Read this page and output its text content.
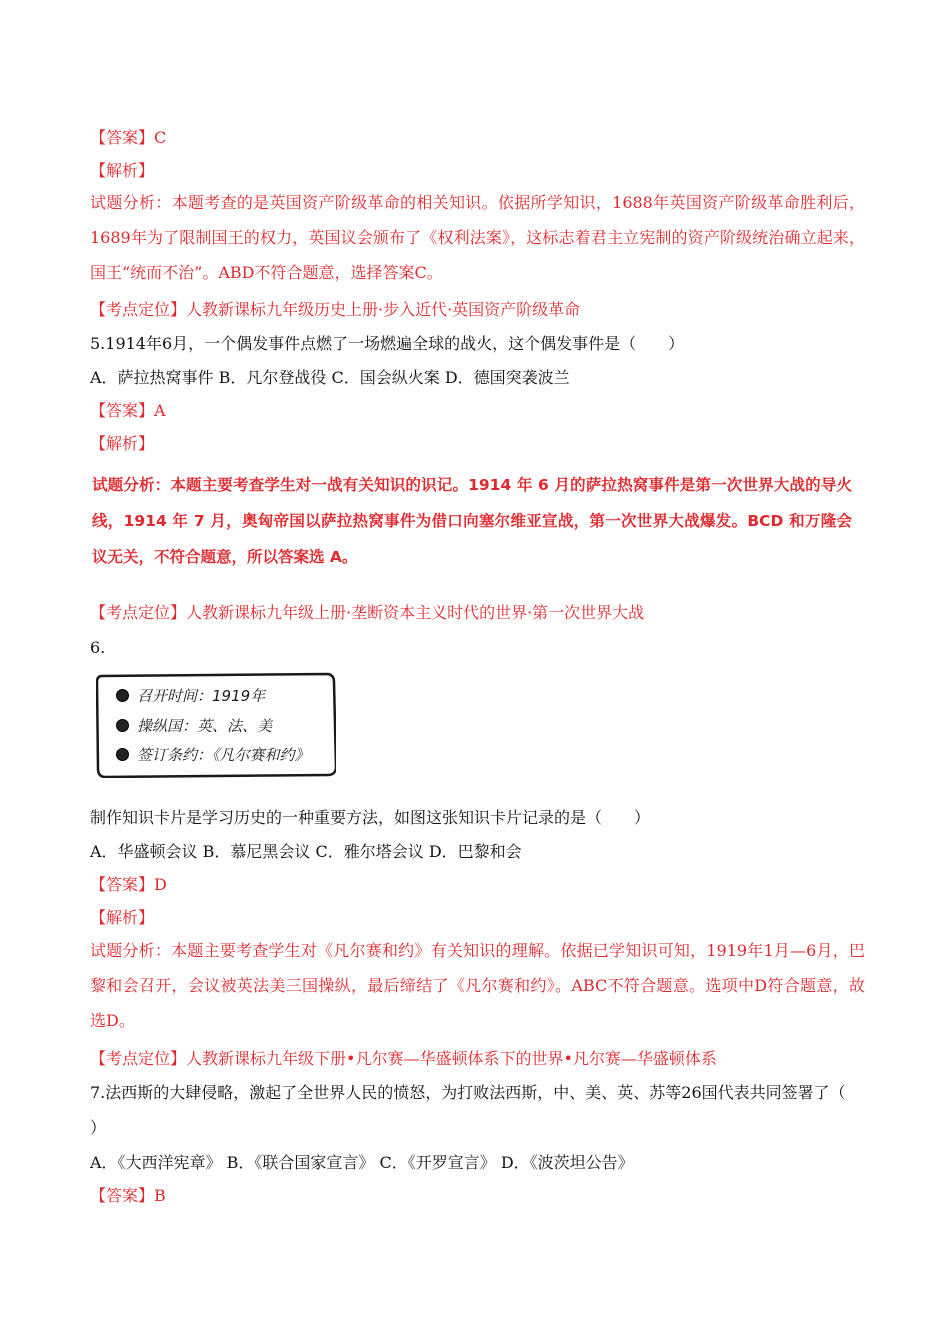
【答案】C
【解析】
试题分析：本题考查的是英国资产阶级革命的相关知识。依据所学知识，1688年英国资产阶级革命胜利后，1689年为了限制国王的权力，英国议会颁布了《权利法案》，这标志着君主立宪制的资产阶级统治确立起来，国王“统而不治”。ABD不符合题意，选择答案C。
【考点定位】人教新课标九年级历史上册·步入近代·英国资产阶级革命
5.1914年6月，一个偶发事件点燃了一场燃遍全球的战火，这个偶发事件是（　　）
A．萨拉热窝事件 B．凡尔登战役 C．国会纵火案 D．德国突袭波兰
【答案】A
【解析】
试题分析：本题主要考查学生对一战有关知识的识记。1914 年 6 月的萨拉热窝事件是第一次世界大战的导火线，1914 年 7 月，奥匈帝国以萨拉热窝事件为借口向塞尔维亚宣战，第一次世界大战爆发。BCD 和万隆会议无关，不符合题意，所以答案选 A。
【考点定位】人教新课标九年级上册·垄断资本主义时代的世界·第一次世界大战
6.
召开时间：1919年
操纵国：英、法、美
签订条约：《凡尔赛和约》
制作知识卡片是学习历史的一种重要方法，如图这张知识卡片记录的是（　　）
A．华盛顿会议 B．慕尼黑会议 C．雅尔塔会议 D．巴黎和会
【答案】D
【解析】
试题分析：本题主要考查学生对《凡尔赛和约》有关知识的理解。依据已学知识可知，1919年1月—6月，巴黎和会召开，会议被英法美三国操纵，最后缔结了《凡尔赛和约》。ABC不符合题意。选项中D符合题意，故选D。
【考点定位】人教新课标九年级下册•凡尔赛—华盛顿体系下的世界•凡尔赛—华盛顿体系
7.法西斯的大肆侵略，激起了全世界人民的愤怒，为打败法西斯，中、美、英、苏等26国代表共同签署了（
）
A．《大西洋宪章》 B．《联合国家宣言》 C．《开罗宣言》 D．《波茨坦公告》
【答案】B
